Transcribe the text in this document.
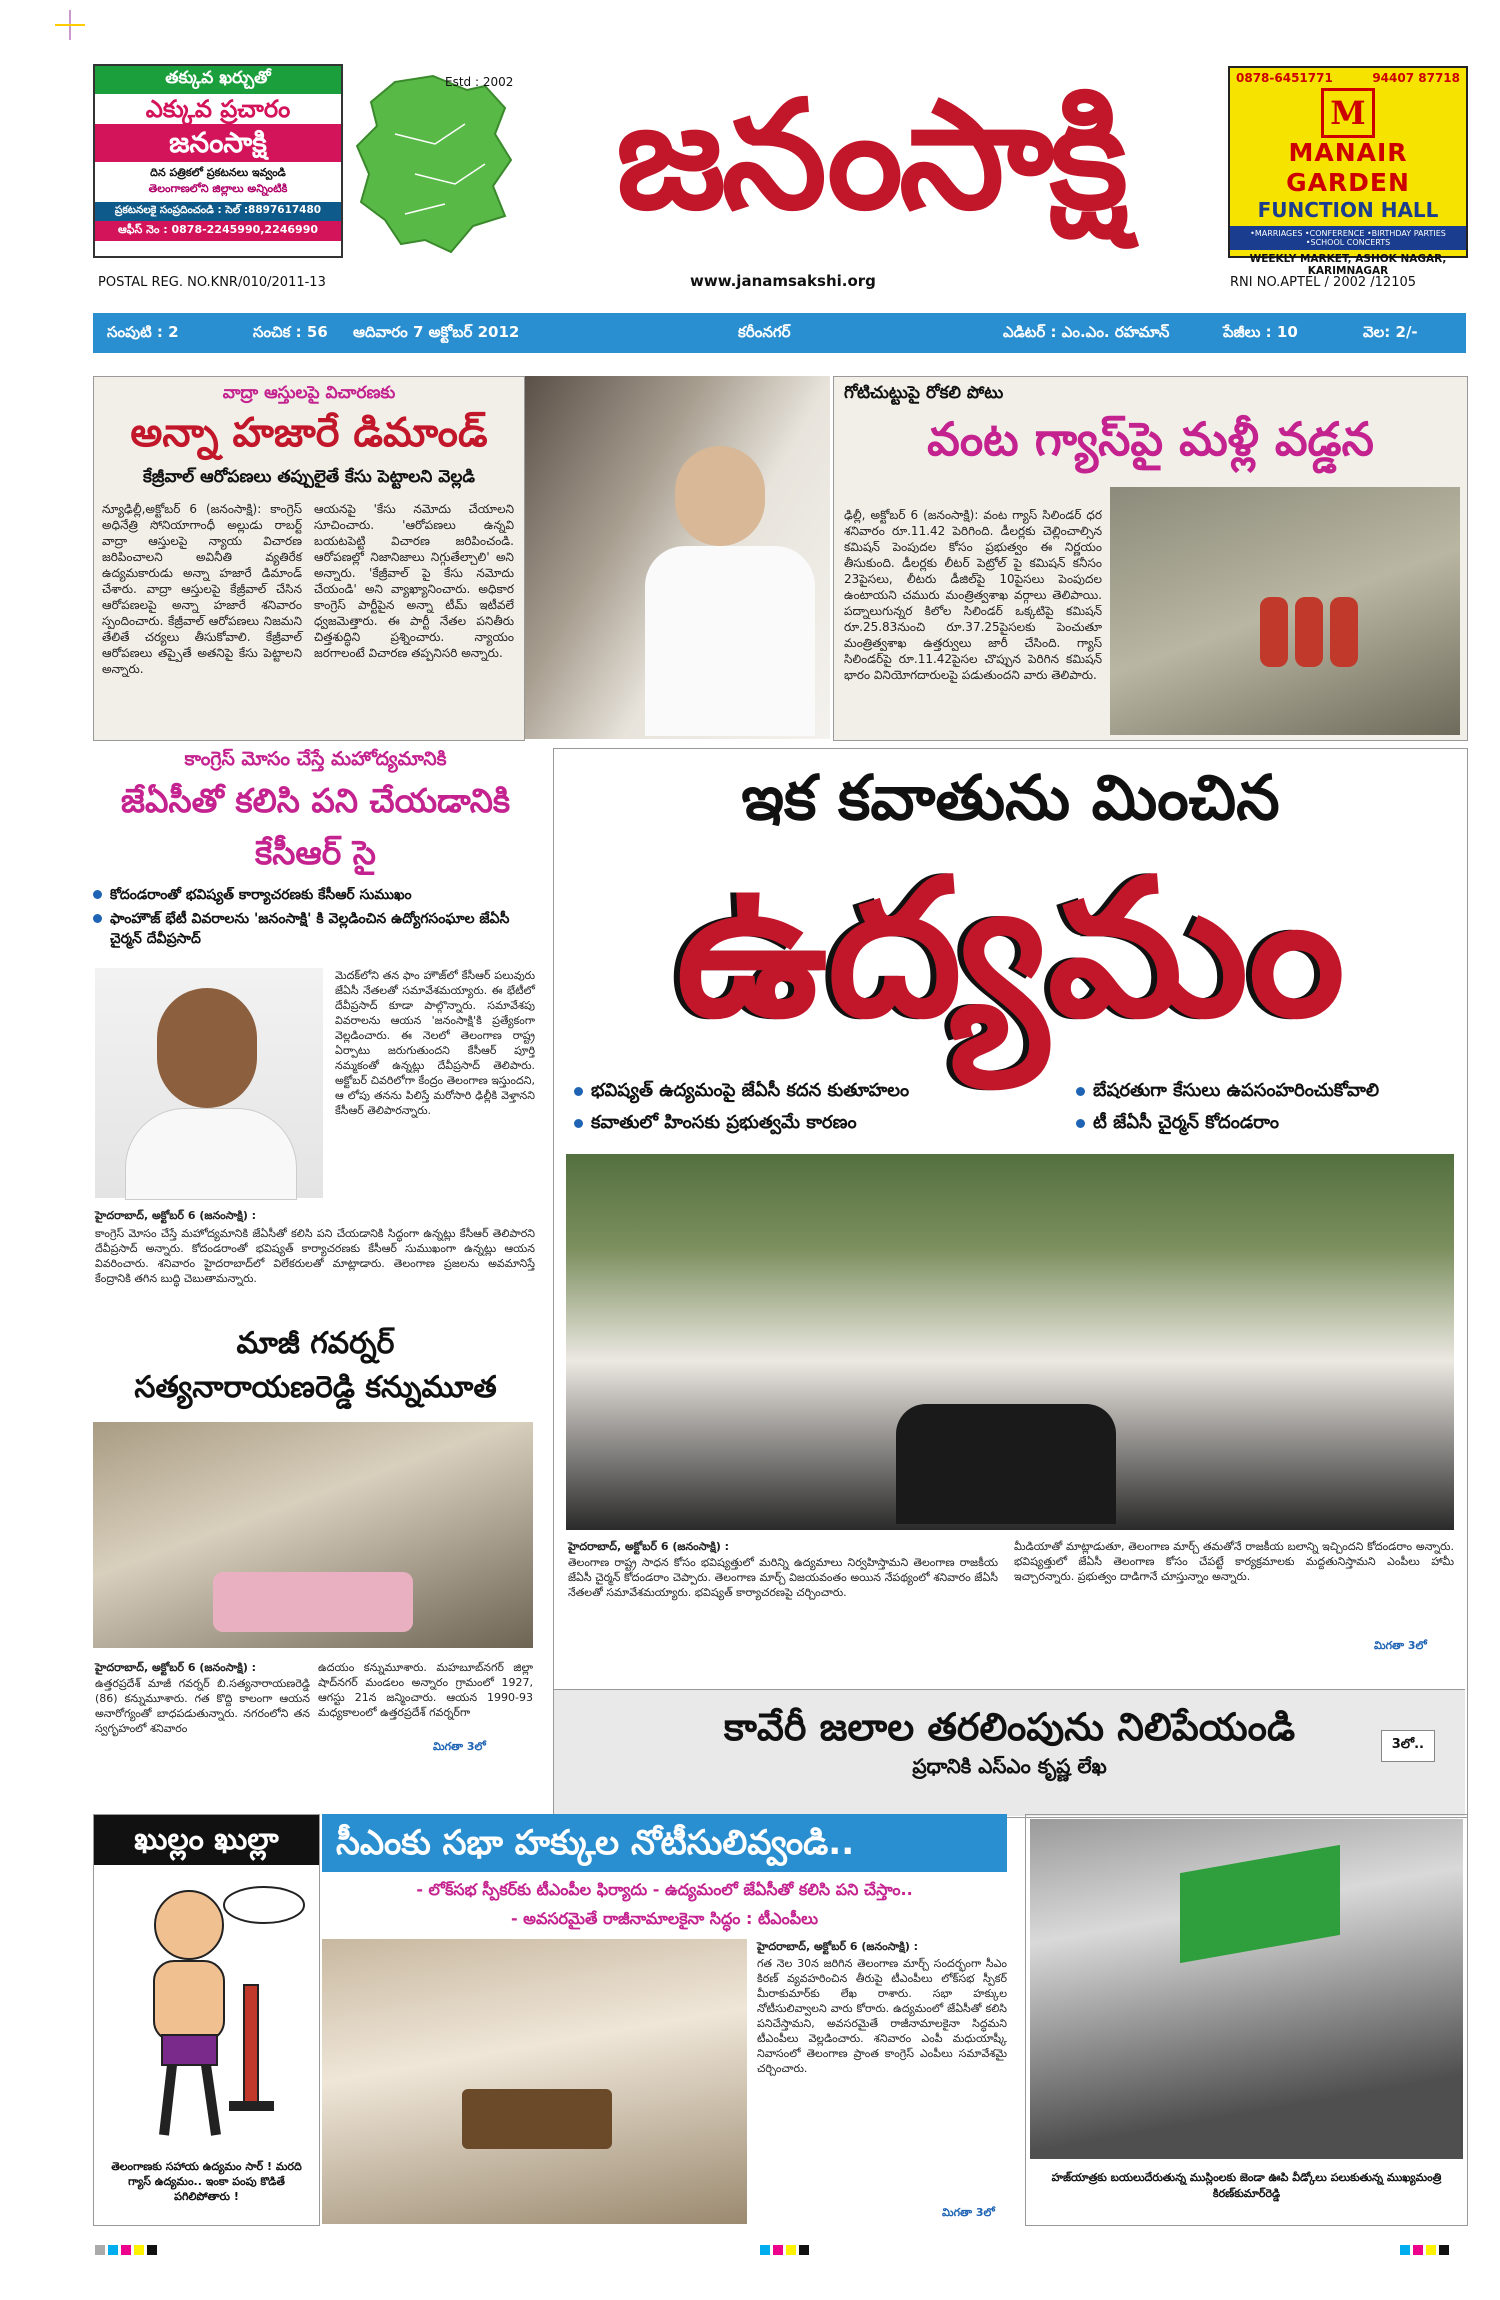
తక్కువ ఖర్చుతో
ఎక్కువ ప్రచారం
జనంసాక్షి
దిన పత్రికలో ప్రకటనలు ఇవ్వండి
తెలంగాణలోని జిల్లాలు అన్నింటికి
ప్రకటనలకై సంప్రదించండి : సెల్ :8897617480
ఆఫీస్ నెం : 0878-2245990,2246990
Estd : 2002 జనంసాక్షి	0878-6451771	94407 87718
M
MANAIR GARDEN
FUNCTION HALL
•MARRIAGES •CONFERENCE •BIRTHDAY PARTIES •SCHOOL CONCERTS
WEEKLY MARKET, ASHOK NAGAR, KARIMNAGAR
POSTAL REG. NO.KNR/010/2011-13	www.janamsakshi.org	RNI NO.APTEL / 2002 /12105
సంపుటి : 2	సంచిక : 56 ఆదివారం 7 అక్టోబర్ 2012	కరీంనగర్	ఎడిటర్ : ఎం.ఎం. రహమాన్	పేజీలు : 10	వెల: 2/-
వాద్రా ఆస్తులపై విచారణకు
అన్నా హజారే డిమాండ్
కేజ్రీవాల్ ఆరోపణలు తప్పులైతే కేసు పెట్టాలని వెల్లడి
న్యూఢిల్లీ,అక్టోబర్ 6 (జనంసాక్షి): కాంగ్రెస్ అధినేత్రి సోనియాగాంధీ అల్లుడు రాబర్ట్ వాద్రా ఆస్తులపై న్యాయ విచారణ జరిపించాలని అవినీతి వ్యతిరేక ఉద్యమకారుడు అన్నా హజారే డిమాండ్ చేశారు. వాద్రా ఆస్తులపై కేజ్రీవాల్ చేసిన ఆరోపణలపై అన్నా హజారే శనివారం స్పందించారు. కేజ్రీవాల్ ఆరోపణలు నిజమని తేలితే చర్యలు తీసుకోవాలి. కేజ్రీవాల్ ఆరోపణలు తప్పైతే అతనిపై కేసు పెట్టాలని అన్నారు.
ఆయనపై 'కేసు నమోదు చేయాలని సూచించారు. 'ఆరోపణలు ఉన్నవి బయటపెట్టి విచారణ జరిపించండి. ఆరోపణల్లో నిజానిజాలు నిగ్గుతేల్చాలి' అని అన్నారు. 'కేజ్రీవాల్ పై కేసు నమోదు చేయండి' అని వ్యాఖ్యానించారు. అధికార కాంగ్రెస్ పార్టీపైన అన్నా టీమ్ ఇటీవలే ధ్వజమెత్తారు. ఈ పార్టీ నేతల పనితీరు చిత్తశుద్ధిని ప్రశ్నించారు. న్యాయం జరగాలంటే విచారణ తప్పనిసరి అన్నారు.
గోటిచుట్టుపై రోకలి పోటు
వంట గ్యాస్‌పై మళ్లీ వడ్డన
ఢిల్లీ, అక్టోబర్ 6 (జనంసాక్షి): వంట గ్యాస్ సిలిండర్ ధర శనివారం రూ.11.42 పెరిగింది. డీలర్లకు చెల్లించాల్సిన కమిషన్ పెంపుదల కోసం ప్రభుత్వం ఈ నిర్ణయం తీసుకుంది. డీలర్లకు లీటర్ పెట్రోల్ పై కమిషన్ కనీసం 23పైసలు, లీటరు డీజిల్‌పై 10పైసలు పెంపుదల ఉంటాయని చమురు మంత్రిత్వశాఖ వర్గాలు తెలిపాయి. పద్నాలుగున్నర కిలోల సిలిండర్ ఒక్కటిపై కమిషన్ రూ.25.83నుంచి రూ.37.25పైసలకు పెంచుతూ మంత్రిత్వశాఖ ఉత్తర్వులు జారీ చేసింది. గ్యాస్ సిలిండర్‌పై రూ.11.42పైసల చొప్పున పెరిగిన కమిషన్ భారం వినియోగదారులపై పడుతుందని వారు తెలిపారు.
కాంగ్రెస్ మోసం చేస్తే మహోద్యమానికి
జేఏసీతో కలిసి పని చేయడానికి కేసీఆర్ సై
కోదండరాంతో భవిష్యత్ కార్యాచరణకు కేసీఆర్ సుముఖం
ఫాంహౌజ్ భేటీ వివరాలను 'జనంసాక్షి' కి వెల్లడించిన ఉద్యోగసంఘాల జేఏసీ చైర్మన్ దేవీప్రసాద్
మెదక్‌లోని తన ఫాం హౌజ్‌లో కేసీఆర్ పలువురు జేఏసీ నేతలతో సమావేశమయ్యారు. ఈ భేటీలో దేవీప్రసాద్ కూడా పాల్గొన్నారు. సమావేశపు వివరాలను ఆయన 'జనంసాక్షి'కి ప్రత్యేకంగా వెల్లడించారు. ఈ నెలలో తెలంగాణ రాష్ట్ర ఏర్పాటు జరుగుతుందని కేసీఆర్ పూర్తి నమ్మకంతో ఉన్నట్లు దేవీప్రసాద్ తెలిపారు. అక్టోబర్ చివరిలోగా కేంద్రం తెలంగాణ ఇస్తుందని, ఆ లోపు తనను పిలిస్తే మరోసారి ఢిల్లీకి వెళ్తానని కేసీఆర్ తెలిపారన్నారు.
హైదరాబాద్, అక్టోబర్ 6 (జనంసాక్షి) :
కాంగ్రెస్ మోసం చేస్తే మహోద్యమానికి జేఏసీతో కలిసి పని చేయడానికి సిద్ధంగా ఉన్నట్లు కేసీఆర్ తెలిపారని దేవీప్రసాద్ అన్నారు. కోదండరాంతో భవిష్యత్ కార్యాచరణకు కేసీఆర్ సుముఖంగా ఉన్నట్లు ఆయన వివరించారు. శనివారం హైదరాబాద్‌లో విలేకరులతో మాట్లాడారు. తెలంగాణ ప్రజలను అవమానిస్తే కేంద్రానికి తగిన బుద్ధి చెబుతామన్నారు.
మాజీ గవర్నర్
సత్యనారాయణరెడ్డి కన్నుమూత
హైదరాబాద్, అక్టోబర్ 6 (జనంసాక్షి) :
ఉత్తరప్రదేశ్ మాజీ గవర్నర్ బి.సత్యనారాయణరెడ్డి (86) కన్నుమూశారు. గత కొద్ది కాలంగా ఆయన అనారోగ్యంతో బాధపడుతున్నారు. నగరంలోని తన స్వగృహంలో శనివారం
ఉదయం కన్నుమూశారు. మహబూబ్‌నగర్ జిల్లా షాద్‌నగర్ మండలం అన్నారం గ్రామంలో 1927, ఆగస్టు 21న జన్మించారు. ఆయన 1990-93 మధ్యకాలంలో ఉత్తరప్రదేశ్ గవర్నర్‌గా
మిగతా 3లో
ఇక కవాతును మించిన
ఉద్యమం
భవిష్యత్ ఉద్యమంపై జేఏసీ కదన కుతూహలం
కవాతులో హింసకు ప్రభుత్వమే కారణం
బేషరతుగా కేసులు ఉపసంహరించుకోవాలి
టీ జేఏసీ చైర్మన్ కోదండరాం
హైదరాబాద్, అక్టోబర్ 6 (జనంసాక్షి) :
తెలంగాణ రాష్ట్ర సాధన కోసం భవిష్యత్తులో మరిన్ని ఉద్యమాలు నిర్వహిస్తామని తెలంగాణ రాజకీయ జేఏసీ చైర్మన్ కోదండరాం చెప్పారు. తెలంగాణ మార్చ్ విజయవంతం అయిన నేపథ్యంలో శనివారం జేఏసీ నేతలతో సమావేశమయ్యారు. భవిష్యత్ కార్యాచరణపై చర్చించారు.
మీడియాతో మాట్లాడుతూ, తెలంగాణ మార్చ్ తమతోనే రాజకీయ బలాన్ని ఇచ్చిందని కోదండరాం అన్నారు. భవిష్యత్తులో జేఏసీ తెలంగాణ కోసం చేపట్టే కార్యక్రమాలకు మద్దతునిస్తామని ఎంపీలు హామీ ఇచ్చారన్నారు. ప్రభుత్వం దాడిగానే చూస్తున్నాం అన్నారు.
మిగతా 3లో
కావేరీ జలాల తరలింపును నిలిపేయండి
ప్రధానికి ఎస్ఎం కృష్ణ లేఖ
3లో..
ఖుల్లం ఖుల్లా
తెలంగాణకు సహాయ ఉద్యమం సార్ ! మరది గ్యాస్ ఉద్యమం.. ఇంకా పంపు కొడితే పగిలిపోతారు !
సీఎంకు సభా హక్కుల నోటీసులివ్వండి..
- లోక్‌సభ స్పీకర్‌కు టీఎంపీల ఫిర్యాదు - ఉద్యమంలో జేఏసీతో కలిసి పని చేస్తాం..
- అవసరమైతే రాజీనామాలకైనా సిద్ధం : టీఎంపీలు
హైదరాబాద్, అక్టోబర్ 6 (జనంసాక్షి) :
గత నెల 30న జరిగిన తెలంగాణ మార్చ్ సందర్భంగా సీఎం కిరణ్ వ్యవహరించిన తీరుపై టీఎంపీలు లోక్‌సభ స్పీకర్ మీరాకుమార్‌కు లేఖ రాశారు. సభా హక్కుల నోటీసులివ్వాలని వారు కోరారు. ఉద్యమంలో జేఏసీతో కలిసి పనిచేస్తామని, అవసరమైతే రాజీనామాలకైనా సిద్ధమని టీఎంపీలు వెల్లడించారు. శనివారం ఎంపీ మధుయాష్కీ నివాసంలో తెలంగాణ ప్రాంత కాంగ్రెస్ ఎంపీలు సమావేశమై చర్చించారు.
మిగతా 3లో
హజ్‌యాత్రకు బయలుదేరుతున్న ముస్లింలకు జెండా ఊపి వీడ్కోలు పలుకుతున్న ముఖ్యమంత్రి కిరణ్‌కుమార్‌రెడ్డి
